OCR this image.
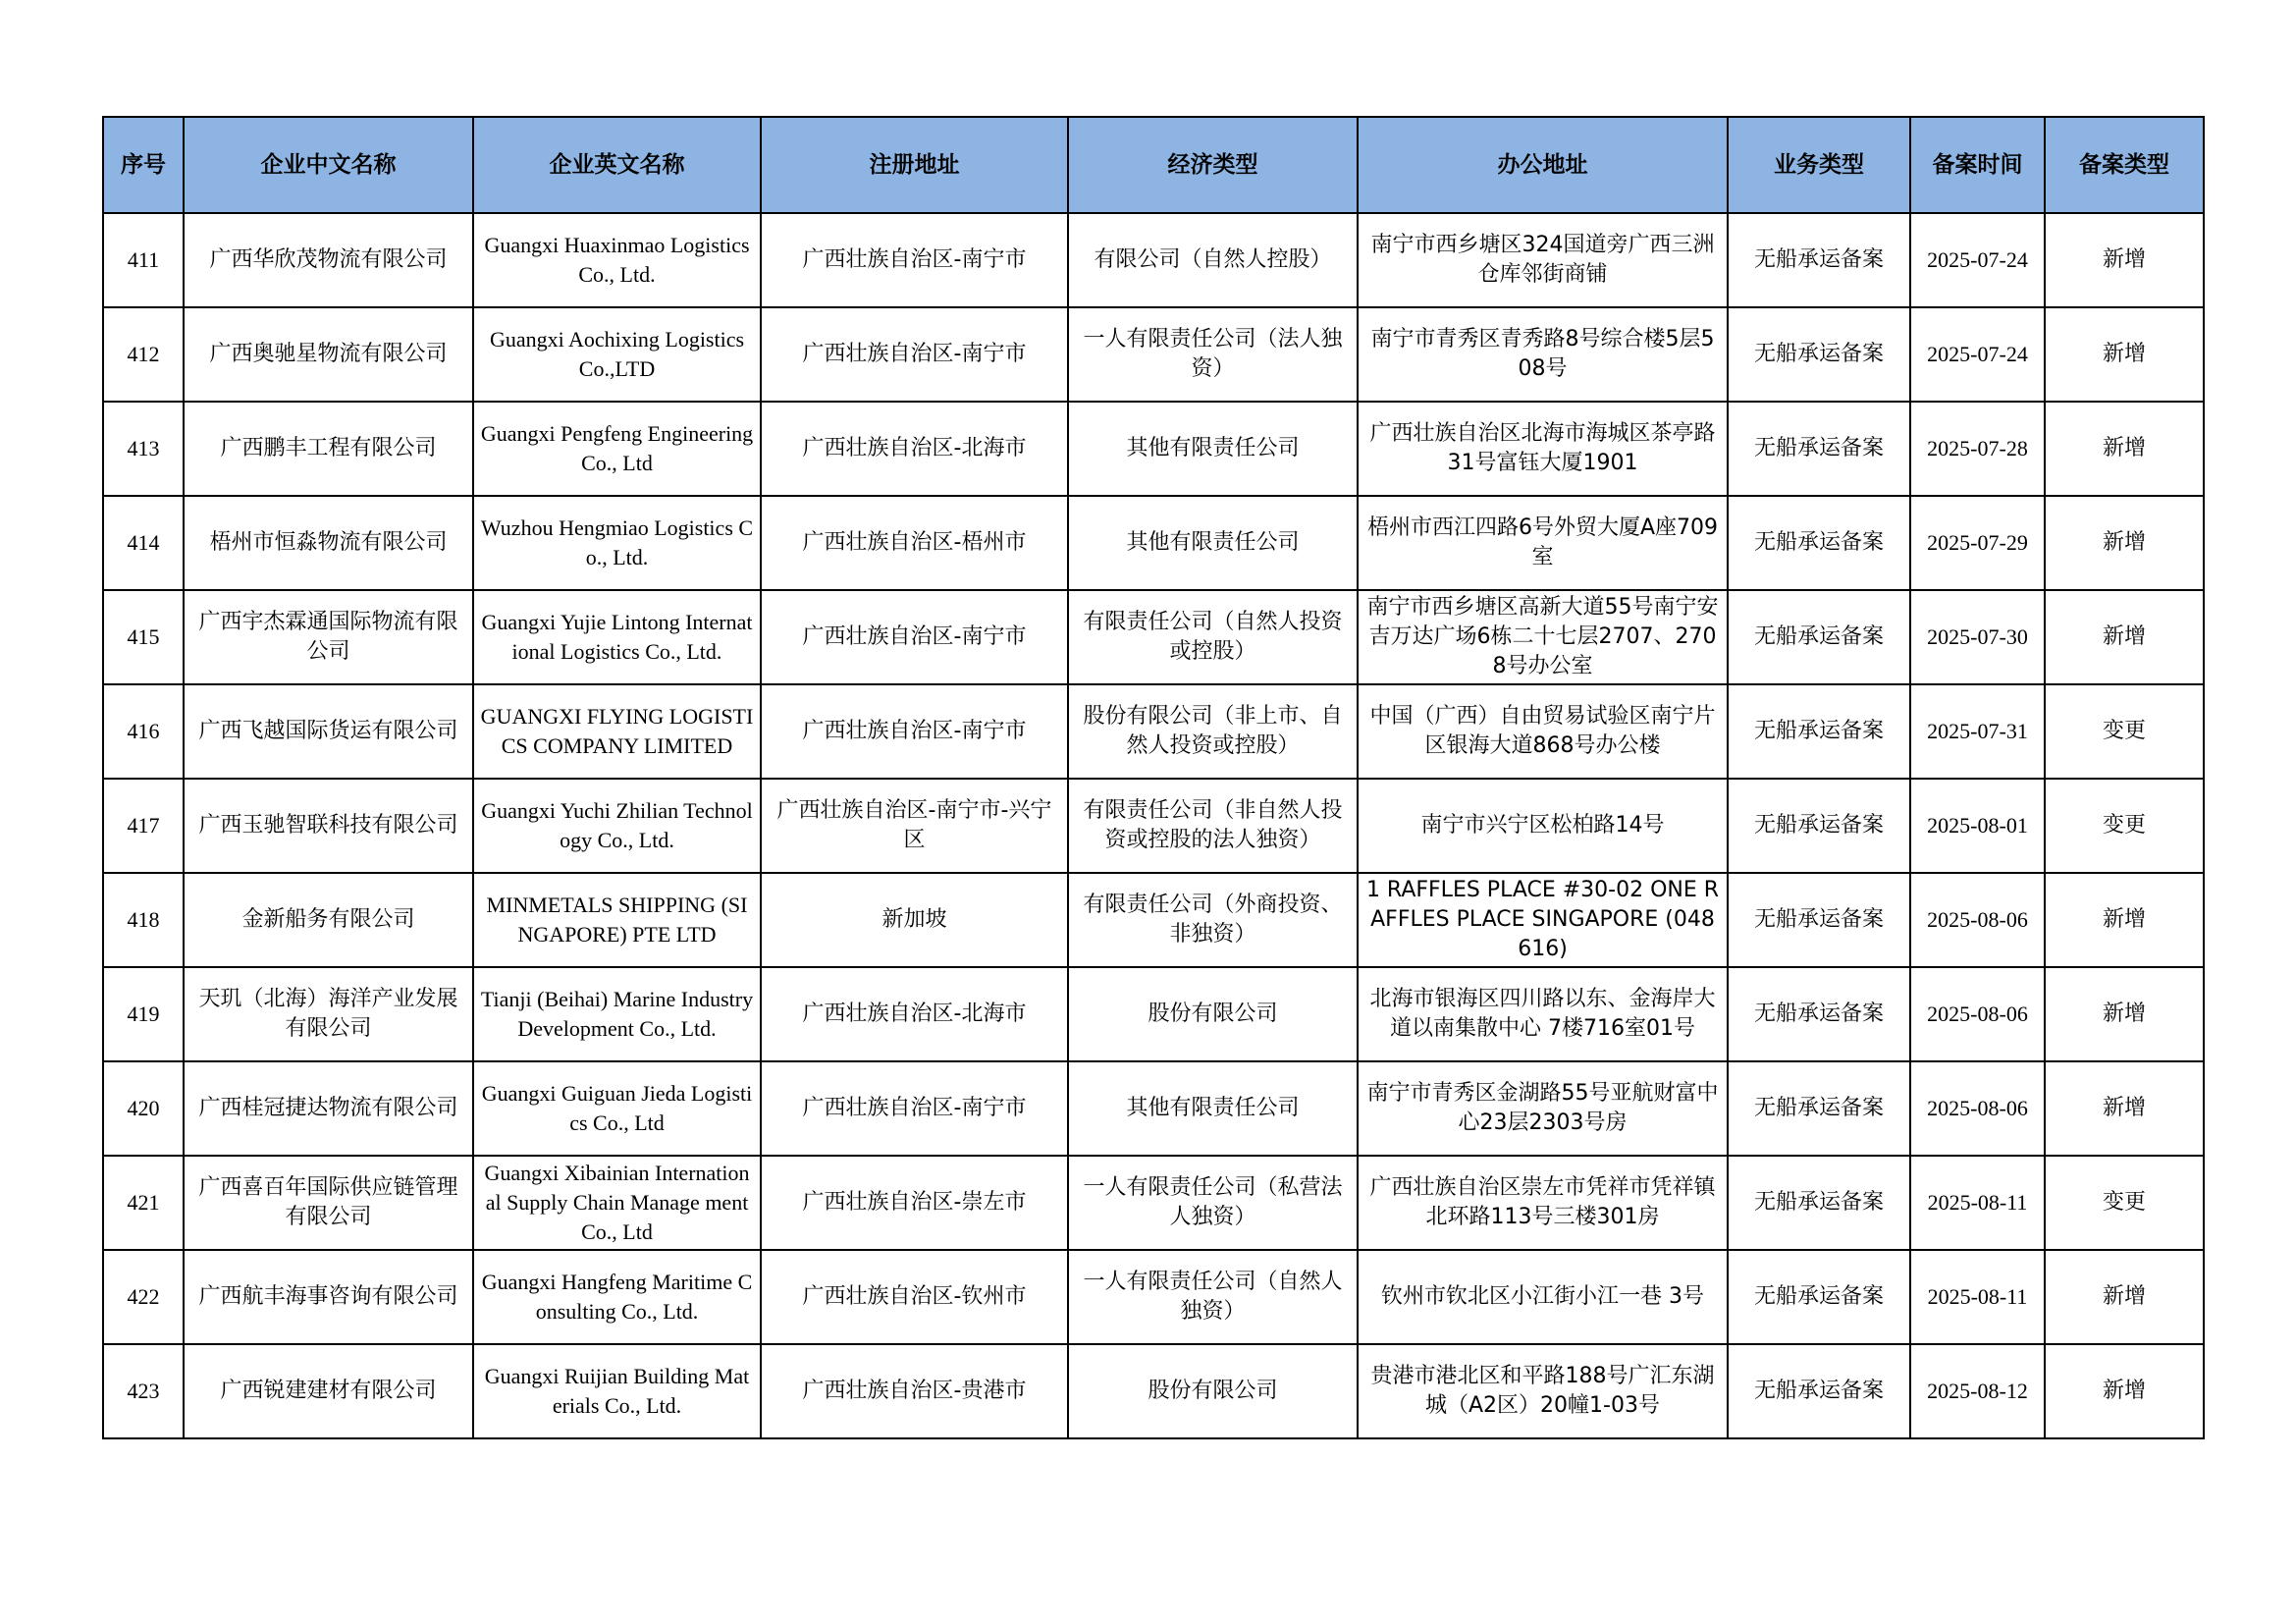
序号	企业中文名称	企业英文名称	注册地址	经济类型	办公地址	业务类型	备案时间	备案类型
411	广西华欣茂物流有限公司	Guangxi Huaxinmao Logistics Co., Ltd.	广西壮族自治区-南宁市	有限公司（自然人控股）	南宁市西乡塘区324国道旁广西三洲仓库邻街商铺	无船承运备案	2025-07-24	新增
412	广西奥驰星物流有限公司	Guangxi Aochixing Logistics Co.,LTD	广西壮族自治区-南宁市	一人有限责任公司（法人独资）	南宁市青秀区青秀路8号综合楼5层508号	无船承运备案	2025-07-24	新增
413	广西鹏丰工程有限公司	Guangxi Pengfeng Engineering Co., Ltd	广西壮族自治区-北海市	其他有限责任公司	广西壮族自治区北海市海城区茶亭路31号富钰大厦1901	无船承运备案	2025-07-28	新增
414	梧州市恒淼物流有限公司	Wuzhou Hengmiao Logistics Co., Ltd.	广西壮族自治区-梧州市	其他有限责任公司	梧州市西江四路6号外贸大厦A座709室	无船承运备案	2025-07-29	新增
415	广西宇杰霖通国际物流有限公司	Guangxi Yujie Lintong International Logistics Co., Ltd.	广西壮族自治区-南宁市	有限责任公司（自然人投资或控股）	南宁市西乡塘区高新大道55号南宁安吉万达广场6栋二十七层2707、2708号办公室	无船承运备案	2025-07-30	新增
416	广西飞越国际货运有限公司	GUANGXI FLYING LOGISTICS COMPANY LIMITED	广西壮族自治区-南宁市	股份有限公司（非上市、自然人投资或控股）	中国（广西）自由贸易试验区南宁片区银海大道868号办公楼	无船承运备案	2025-07-31	变更
417	广西玉驰智联科技有限公司	Guangxi Yuchi Zhilian Technology Co., Ltd.	广西壮族自治区-南宁市-兴宁区	有限责任公司（非自然人投资或控股的法人独资）	南宁市兴宁区松柏路14号	无船承运备案	2025-08-01	变更
418	金新船务有限公司	MINMETALS SHIPPING (SINGAPORE) PTE LTD	新加坡	有限责任公司（外商投资、非独资）	1 RAFFLES PLACE #30-02 ONE RAFFLES PLACE SINGAPORE (048616)	无船承运备案	2025-08-06	新增
419	天玑（北海）海洋产业发展有限公司	Tianji (Beihai) Marine Industry Development Co., Ltd.	广西壮族自治区-北海市	股份有限公司	北海市银海区四川路以东、金海岸大道以南集散中心 7楼716室01号	无船承运备案	2025-08-06	新增
420	广西桂冠捷达物流有限公司	Guangxi Guiguan Jieda Logistics Co., Ltd	广西壮族自治区-南宁市	其他有限责任公司	南宁市青秀区金湖路55号亚航财富中心23层2303号房	无船承运备案	2025-08-06	新增
421	广西喜百年国际供应链管理有限公司	Guangxi Xibainian International Supply Chain Manage ment Co., Ltd	广西壮族自治区-崇左市	一人有限责任公司（私营法人独资）	广西壮族自治区崇左市凭祥市凭祥镇北环路113号三楼301房	无船承运备案	2025-08-11	变更
422	广西航丰海事咨询有限公司	Guangxi Hangfeng Maritime Consulting Co., Ltd.	广西壮族自治区-钦州市	一人有限责任公司（自然人独资）	钦州市钦北区小江街小江一巷 3号	无船承运备案	2025-08-11	新增
423	广西锐建建材有限公司	Guangxi Ruijian Building Materials Co., Ltd.	广西壮族自治区-贵港市	股份有限公司	贵港市港北区和平路188号广汇东湖城（A2区）20幢1-03号	无船承运备案	2025-08-12	新增
